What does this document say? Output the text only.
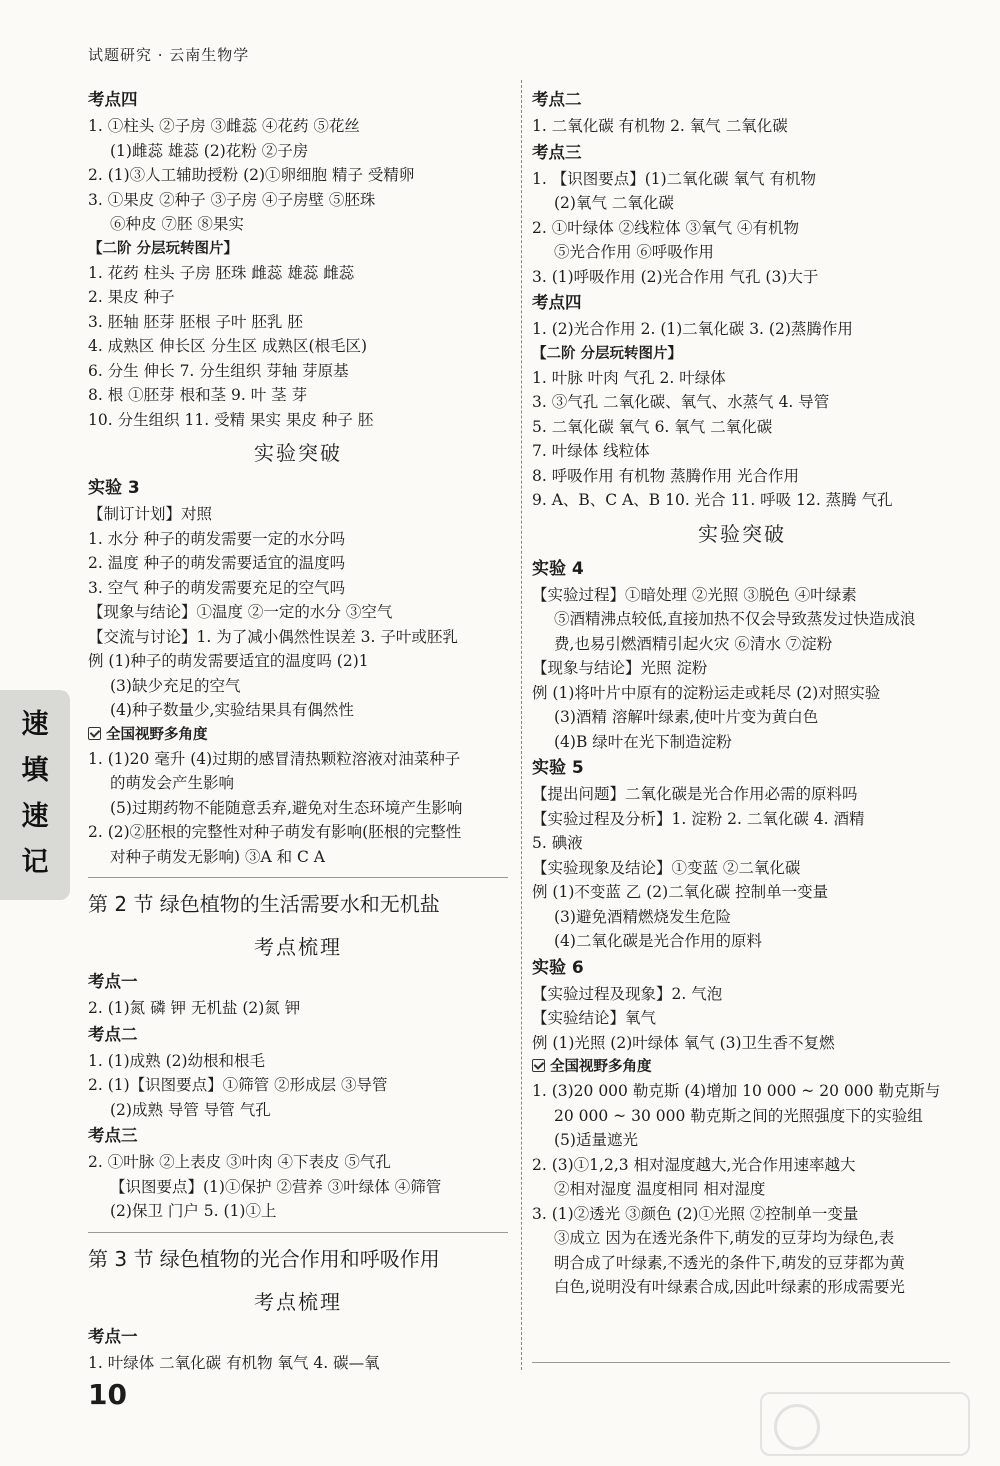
试题研究 · 云南生物学
考点四
1. ①柱头 ②子房 ③雌蕊 ④花药 ⑤花丝
(1)雌蕊 雄蕊 (2)花粉 ②子房
2. (1)③人工辅助授粉 (2)①卵细胞 精子 受精卵
3. ①果皮 ②种子 ③子房 ④子房壁 ⑤胚珠
⑥种皮 ⑦胚 ⑧果实
【二阶 分层玩转图片】
1. 花药 柱头 子房 胚珠 雌蕊 雄蕊 雌蕊
2. 果皮 种子
3. 胚轴 胚芽 胚根 子叶 胚乳 胚
4. 成熟区 伸长区 分生区 成熟区(根毛区)
6. 分生 伸长 7. 分生组织 芽轴 芽原基
8. 根 ①胚芽 根和茎 9. 叶 茎 芽
10. 分生组织 11. 受精 果实 果皮 种子 胚
实验突破
实验 3
【制订计划】对照
1. 水分 种子的萌发需要一定的水分吗
2. 温度 种子的萌发需要适宜的温度吗
3. 空气 种子的萌发需要充足的空气吗
【现象与结论】①温度 ②一定的水分 ③空气
【交流与讨论】1. 为了减小偶然性误差 3. 子叶或胚乳
例 (1)种子的萌发需要适宜的温度吗 (2)1
(3)缺少充足的空气
(4)种子数量少,实验结果具有偶然性
全国视野多角度
1. (1)20 毫升 (4)过期的感冒清热颗粒溶液对油菜种子
的萌发会产生影响
(5)过期药物不能随意丢弃,避免对生态环境产生影响
2. (2)②胚根的完整性对种子萌发有影响(胚根的完整性
对种子萌发无影响) ③A 和 C A
第 2 节 绿色植物的生活需要水和无机盐
考点梳理
考点一
2. (1)氮 磷 钾 无机盐 (2)氮 钾
考点二
1. (1)成熟 (2)幼根和根毛
2. (1)【识图要点】①筛管 ②形成层 ③导管
(2)成熟 导管 导管 气孔
考点三
2. ①叶脉 ②上表皮 ③叶肉 ④下表皮 ⑤气孔
【识图要点】(1)①保护 ②营养 ③叶绿体 ④筛管
(2)保卫 门户 5. (1)①上
第 3 节 绿色植物的光合作用和呼吸作用
考点梳理
考点一
1. 叶绿体 二氧化碳 有机物 氧气 4. 碳—氧
考点二
1. 二氧化碳 有机物 2. 氧气 二氧化碳
考点三
1. 【识图要点】(1)二氧化碳 氧气 有机物
(2)氧气 二氧化碳
2. ①叶绿体 ②线粒体 ③氧气 ④有机物
⑤光合作用 ⑥呼吸作用
3. (1)呼吸作用 (2)光合作用 气孔 (3)大于
考点四
1. (2)光合作用 2. (1)二氧化碳 3. (2)蒸腾作用
【二阶 分层玩转图片】
1. 叶脉 叶肉 气孔 2. 叶绿体
3. ③气孔 二氧化碳、氧气、水蒸气 4. 导管
5. 二氧化碳 氧气 6. 氧气 二氧化碳
7. 叶绿体 线粒体
8. 呼吸作用 有机物 蒸腾作用 光合作用
9. A、B、C A、B 10. 光合 11. 呼吸 12. 蒸腾 气孔
实验突破
实验 4
【实验过程】①暗处理 ②光照 ③脱色 ④叶绿素
⑤酒精沸点较低,直接加热不仅会导致蒸发过快造成浪
费,也易引燃酒精引起火灾 ⑥清水 ⑦淀粉
【现象与结论】光照 淀粉
例 (1)将叶片中原有的淀粉运走或耗尽 (2)对照实验
(3)酒精 溶解叶绿素,使叶片变为黄白色
(4)B 绿叶在光下制造淀粉
实验 5
【提出问题】二氧化碳是光合作用必需的原料吗
【实验过程及分析】1. 淀粉 2. 二氧化碳 4. 酒精
5. 碘液
【实验现象及结论】①变蓝 ②二氧化碳
例 (1)不变蓝 乙 (2)二氧化碳 控制单一变量
(3)避免酒精燃烧发生危险
(4)二氧化碳是光合作用的原料
实验 6
【实验过程及现象】2. 气泡
【实验结论】氧气
例 (1)光照 (2)叶绿体 氧气 (3)卫生香不复燃
全国视野多角度
1. (3)20 000 勒克斯 (4)增加 10 000 ~ 20 000 勒克斯与
20 000 ~ 30 000 勒克斯之间的光照强度下的实验组
(5)适量遮光
2. (3)①1,2,3 相对湿度越大,光合作用速率越大
②相对湿度 温度相同 相对湿度
3. (1)②透光 ③颜色 (2)①光照 ②控制单一变量
③成立 因为在透光条件下,萌发的豆芽均为绿色,表
明合成了叶绿素,不透光的条件下,萌发的豆芽都为黄
白色,说明没有叶绿素合成,因此叶绿素的形成需要光
速
填
速
记
10
